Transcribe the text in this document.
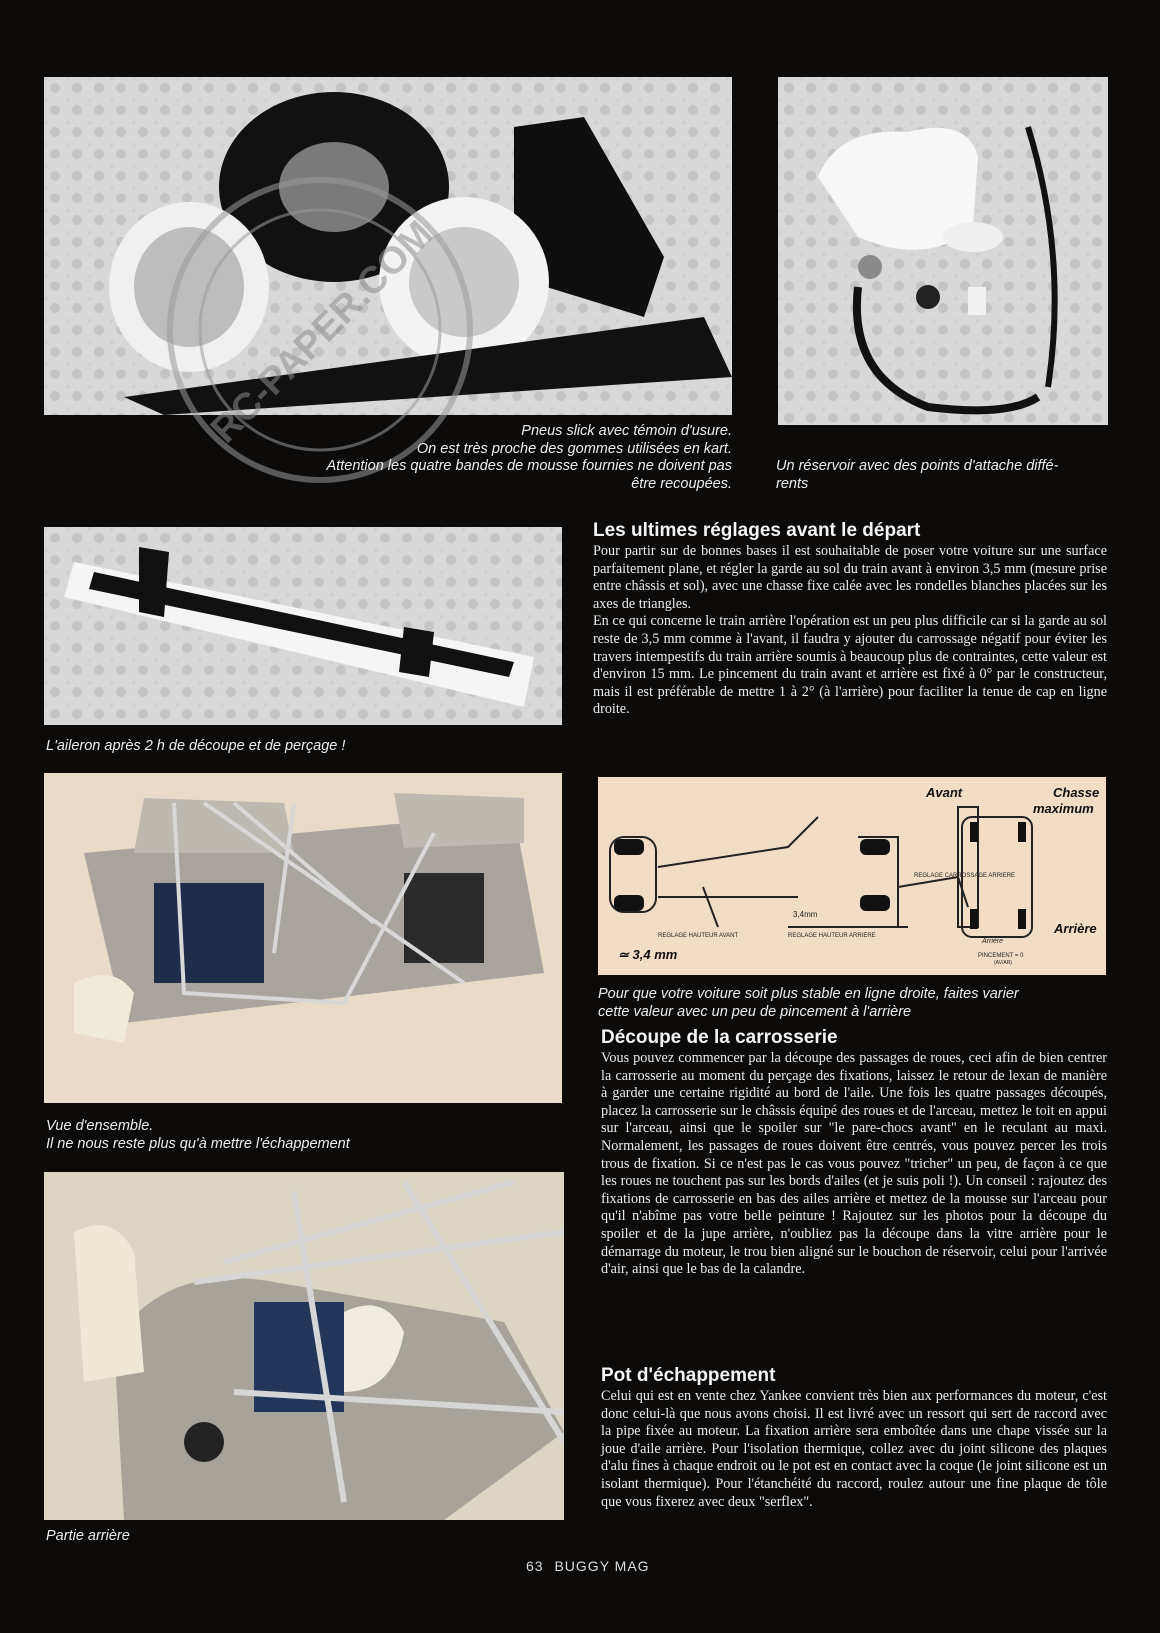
RC-PAPER.COM	Pneus slick avec témoin d'usure.
On est très proche des gommes utilisées en kart.
Attention les quatre bandes de mousse fournies ne doivent pas
être recoupées.
Un réservoir avec des points d'attache diffé-
rents
L'aileron après 2 h de découpe et de perçage !
Les ultimes réglages avant le départ

Pour partir sur de bonnes bases il est souhaitable de poser votre voiture sur une surface parfaitement plane, et régler la garde au sol du train avant à environ 3,5 mm (mesure prise entre châssis et sol), avec une chasse fixe calée avec les rondelles blanches placées sur les axes de triangles.
En ce qui concerne le train arrière l'opération est un peu plus difficile car si la garde au sol reste de 3,5 mm comme à l'avant, il faudra y ajouter du carrossage négatif pour éviter les travers intempestifs du train arrière soumis à beaucoup plus de contraintes, cette valeur est d'environ 15 mm. Le pincement du train avant et arrière est fixé à 0° par le constructeur, mais il est préférable de mettre 1 à 2° (à l'arrière) pour faciliter la tenue de cap en ligne droite.

Vue d'ensemble.
Il ne nous reste plus qu'à mettre l'échappement
Avant	Chasse
maximum
Arrière
≃ 3,4 mm
REGLAGE HAUTEUR AVANT	REGLAGE HAUTEUR ARRIERE
REGLAGE CARROSSAGE ARRIERE
3,4mm
PINCEMENT = 0
(AV/AR)
Arrière
Pour que votre voiture soit plus stable en ligne droite, faites varier
cette valeur avec un peu de pincement à l'arrière
Découpe de la carrosserie

Vous pouvez commencer par la découpe des passages de roues, ceci afin de bien centrer la carrosserie au moment du perçage des fixations, laissez le retour de lexan de manière à garder une certaine rigidité au bord de l'aile. Une fois les quatre passages découpés, placez la carrosserie sur le châssis équipé des roues et de l'arceau, mettez le toit en appui sur l'arceau, ainsi que le spoiler sur "le pare-chocs avant" en le reculant au maxi. Normalement, les passages de roues doivent être centrés, vous pouvez percer les trois trous de fixation. Si ce n'est pas le cas vous pouvez "tricher" un peu, de façon à ce que les roues ne touchent pas sur les bords d'ailes (et je suis poli !). Un conseil : rajoutez des fixations de carrosserie en bas des ailes arrière et mettez de la mousse sur l'arceau pour qu'il n'abîme pas votre belle peinture ! Rajoutez sur les photos pour la découpe du spoiler et de la jupe arrière, n'oubliez pas la découpe dans la vitre arrière pour le démarrage du moteur, le trou bien aligné sur le bouchon de réservoir, celui pour l'arrivée d'air, ainsi que le bas de la calandre.

Partie arrière
Pot d'échappement

Celui qui est en vente chez Yankee convient très bien aux performances du moteur, c'est donc celui-là que nous avons choisi. Il est livré avec un ressort qui sert de raccord avec la pipe fixée au moteur. La fixation arrière sera emboîtée dans une chape vissée sur la joue d'aile arrière. Pour l'isolation thermique, collez avec du joint silicone des plaques d'alu fines à chaque endroit ou le pot est en contact avec la coque (le joint silicone est un isolant thermique). Pour l'étanchéité du raccord, roulez autour une fine plaque de tôle que vous fixerez avec deux "serflex".

63 BUGGY MAG
